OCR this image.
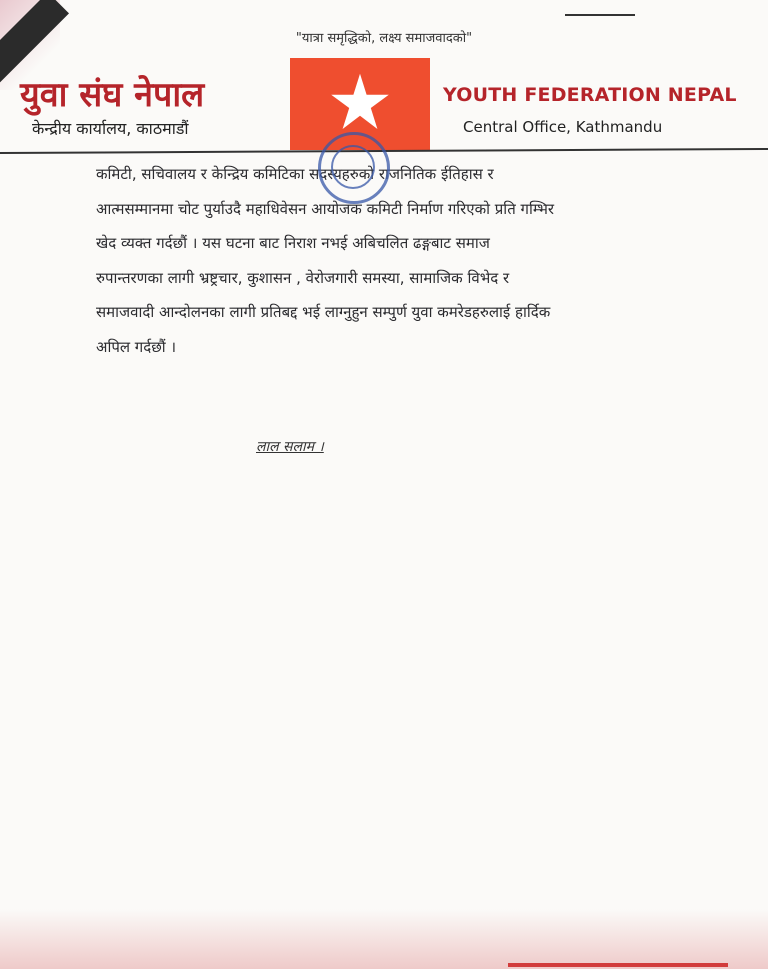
"यात्रा समृद्धिको, लक्ष्य समाजवादको"
युवा संघ नेपाल
केन्द्रीय कार्यालय, काठमाडौं
YOUTH FEDERATION NEPAL
Central Office, Kathmandu

कमिटी, सचिवालय र केन्द्रिय कमिटिका सदस्यहरुको राजनितिक ईतिहास र

आत्मसम्मानमा चोट पुर्याउदै महाधिवेसन आयोजक कमिटी निर्माण गरिएको प्रति गम्भिर

खेद व्यक्त गर्दछौं । यस घटना बाट निराश नभई अबिचलित ढङ्गबाट समाज

रुपान्तरणका लागी भ्रष्ट्रचार, कुशासन , वेरोजगारी समस्या, सामाजिक विभेद र

समाजवादी आन्दोलनका लागी प्रतिबद्द भई लाग्नुहुन सम्पुर्ण युवा कमरेडहरुलाई हार्दिक

अपिल गर्दछौं ।

लाल सलाम ।
